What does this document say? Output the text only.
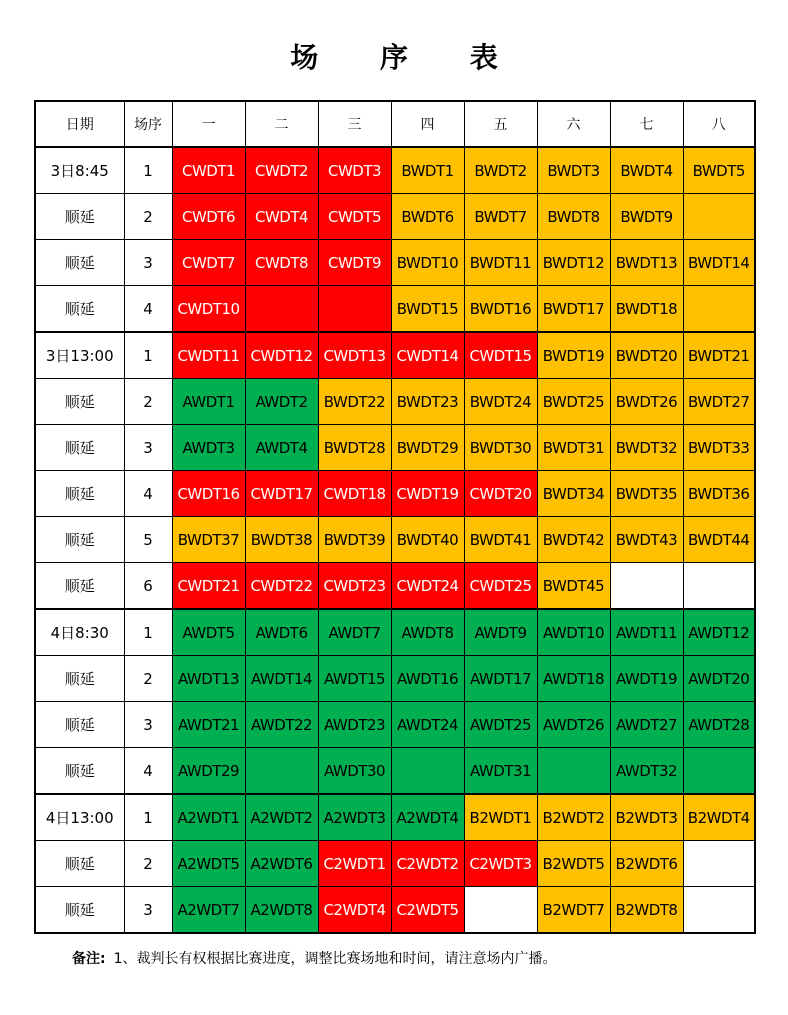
场 序 表
日期	场序	一	二	三	四	五	六	七	八
3日8:45	1	CWDT1	CWDT2	CWDT3	BWDT1	BWDT2	BWDT3	BWDT4	BWDT5
顺延	2	CWDT6	CWDT4	CWDT5	BWDT6	BWDT7	BWDT8	BWDT9	
顺延	3	CWDT7	CWDT8	CWDT9	BWDT10	BWDT11	BWDT12	BWDT13	BWDT14
顺延	4	CWDT10			BWDT15	BWDT16	BWDT17	BWDT18	
3日13:00	1	CWDT11	CWDT12	CWDT13	CWDT14	CWDT15	BWDT19	BWDT20	BWDT21
顺延	2	AWDT1	AWDT2	BWDT22	BWDT23	BWDT24	BWDT25	BWDT26	BWDT27
顺延	3	AWDT3	AWDT4	BWDT28	BWDT29	BWDT30	BWDT31	BWDT32	BWDT33
顺延	4	CWDT16	CWDT17	CWDT18	CWDT19	CWDT20	BWDT34	BWDT35	BWDT36
顺延	5	BWDT37	BWDT38	BWDT39	BWDT40	BWDT41	BWDT42	BWDT43	BWDT44
顺延	6	CWDT21	CWDT22	CWDT23	CWDT24	CWDT25	BWDT45		
4日8:30	1	AWDT5	AWDT6	AWDT7	AWDT8	AWDT9	AWDT10	AWDT11	AWDT12
顺延	2	AWDT13	AWDT14	AWDT15	AWDT16	AWDT17	AWDT18	AWDT19	AWDT20
顺延	3	AWDT21	AWDT22	AWDT23	AWDT24	AWDT25	AWDT26	AWDT27	AWDT28
顺延	4	AWDT29		AWDT30		AWDT31		AWDT32	
4日13:00	1	A2WDT1	A2WDT2	A2WDT3	A2WDT4	B2WDT1	B2WDT2	B2WDT3	B2WDT4
顺延	2	A2WDT5	A2WDT6	C2WDT1	C2WDT2	C2WDT3	B2WDT5	B2WDT6	
顺延	3	A2WDT7	A2WDT8	C2WDT4	C2WDT5		B2WDT7	B2WDT8	
备注: 1、裁判长有权根据比赛进度，调整比赛场地和时间，请注意场内广播。
